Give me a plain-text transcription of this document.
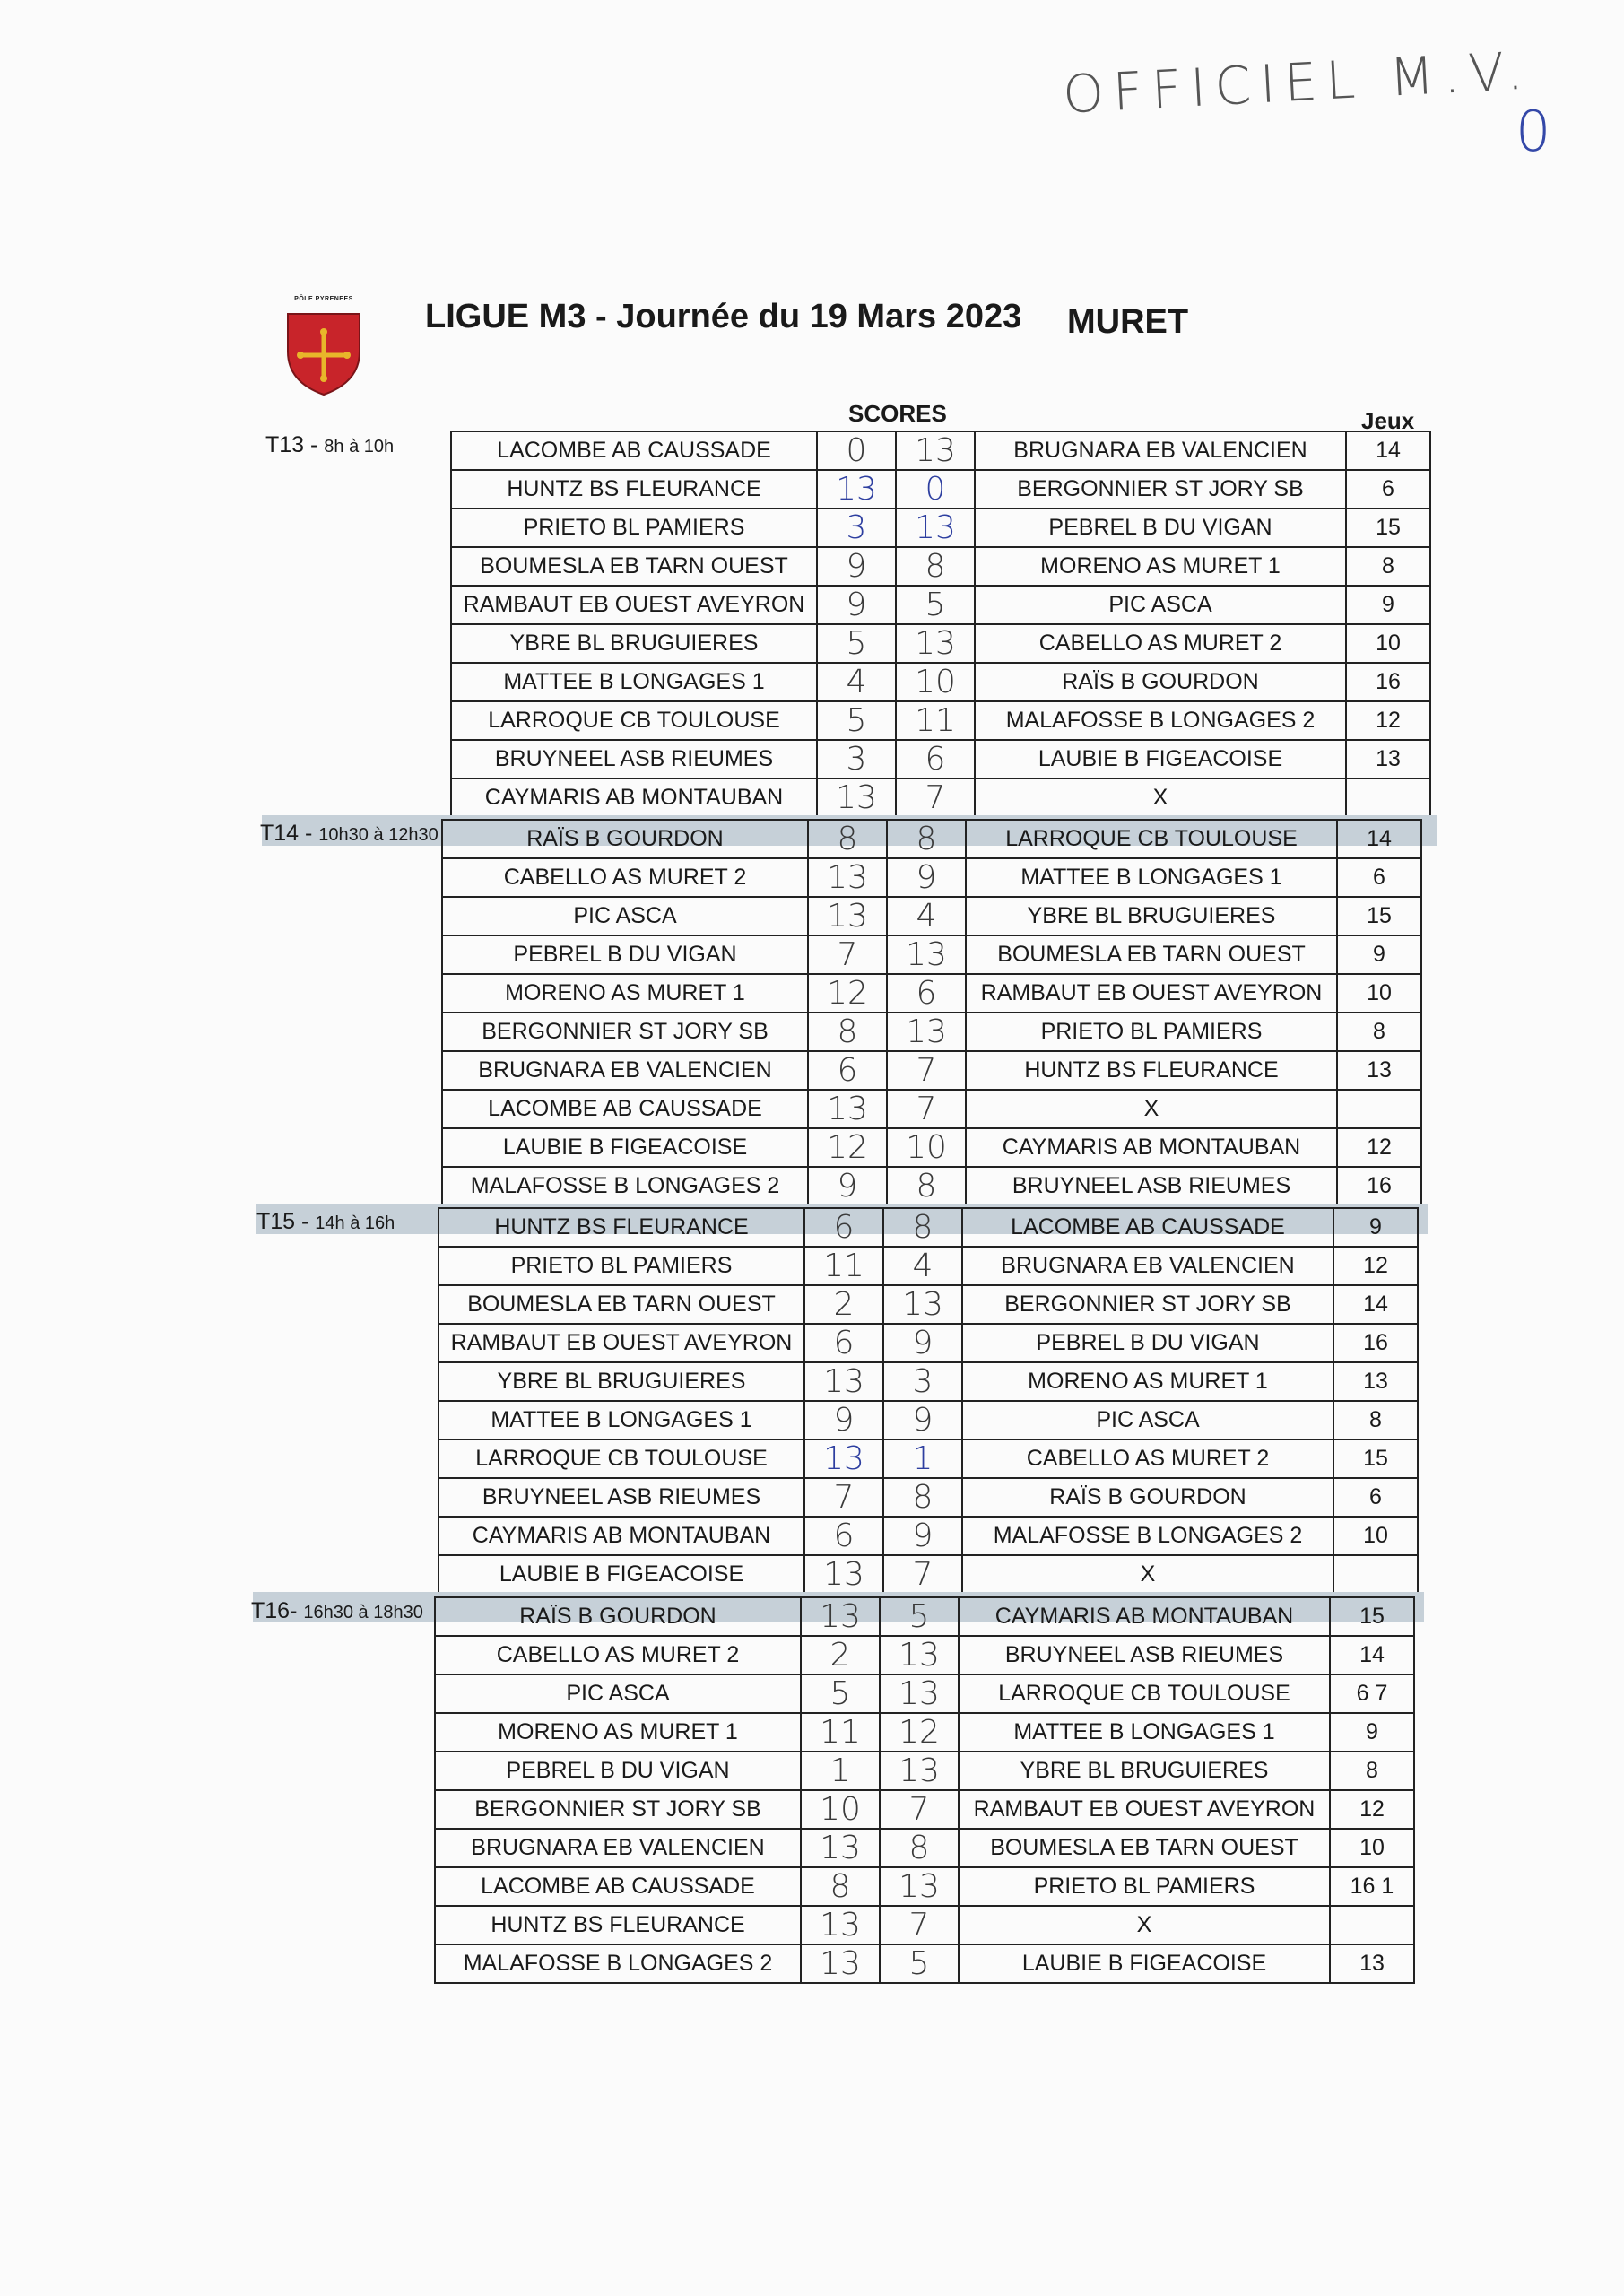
OFFICIEL M.V.
0
PÔLE PYRENEES	LIGUE M3 - Journée du 19 Mars 2023 MURET
SCORES	Jeux
T13 - 8h à 10h	LACOMBE AB CAUSSADE	0	13	BRUGNARA EB VALENCIEN	14
HUNTZ BS FLEURANCE	13	0	BERGONNIER ST JORY SB	6
PRIETO BL PAMIERS	3	13	PEBREL B DU VIGAN	15
BOUMESLA EB TARN OUEST	9	8	MORENO AS MURET 1	8
RAMBAUT EB OUEST AVEYRON	9	5	PIC ASCA	9
YBRE BL BRUGUIERES	5	13	CABELLO AS MURET 2	10
MATTEE B LONGAGES 1	4	10	RAÏS B GOURDON	16
LARROQUE CB TOULOUSE	5	11	MALAFOSSE B LONGAGES 2	12
BRUYNEEL ASB RIEUMES	3	6	LAUBIE B FIGEACOISE	13
CAYMARIS AB MONTAUBAN	13	7	X	
T14 - 10h30 à 12h30	RAÏS B GOURDON	8	8	LARROQUE CB TOULOUSE	14
CABELLO AS MURET 2	13	9	MATTEE B LONGAGES 1	6
PIC ASCA	13	4	YBRE BL BRUGUIERES	15
PEBREL B DU VIGAN	7	13	BOUMESLA EB TARN OUEST	9
MORENO AS MURET 1	12	6	RAMBAUT EB OUEST AVEYRON	10
BERGONNIER ST JORY SB	8	13	PRIETO BL PAMIERS	8
BRUGNARA EB VALENCIEN	6	7	HUNTZ BS FLEURANCE	13
LACOMBE AB CAUSSADE	13	7	X	
LAUBIE B FIGEACOISE	12	10	CAYMARIS AB MONTAUBAN	12
MALAFOSSE B LONGAGES 2	9	8	BRUYNEEL ASB RIEUMES	16
T15 - 14h à 16h	HUNTZ BS FLEURANCE	6	8	LACOMBE AB CAUSSADE	9
PRIETO BL PAMIERS	11	4	BRUGNARA EB VALENCIEN	12
BOUMESLA EB TARN OUEST	2	13	BERGONNIER ST JORY SB	14
RAMBAUT EB OUEST AVEYRON	6	9	PEBREL B DU VIGAN	16
YBRE BL BRUGUIERES	13	3	MORENO AS MURET 1	13
MATTEE B LONGAGES 1	9	9	PIC ASCA	8
LARROQUE CB TOULOUSE	13	1	CABELLO AS MURET 2	15
BRUYNEEL ASB RIEUMES	7	8	RAÏS B GOURDON	6
CAYMARIS AB MONTAUBAN	6	9	MALAFOSSE B LONGAGES 2	10
LAUBIE B FIGEACOISE	13	7	X	
T16- 16h30 à 18h30	RAÏS B GOURDON	13	5	CAYMARIS AB MONTAUBAN	15
CABELLO AS MURET 2	2	13	BRUYNEEL ASB RIEUMES	14
PIC ASCA	5	13	LARROQUE CB TOULOUSE	6 7
MORENO AS MURET 1	11	12	MATTEE B LONGAGES 1	9
PEBREL B DU VIGAN	1	13	YBRE BL BRUGUIERES	8
BERGONNIER ST JORY SB	10	7	RAMBAUT EB OUEST AVEYRON	12
BRUGNARA EB VALENCIEN	13	8	BOUMESLA EB TARN OUEST	10
LACOMBE AB CAUSSADE	8	13	PRIETO BL PAMIERS	16 1
HUNTZ BS FLEURANCE	13	7	X	
MALAFOSSE B LONGAGES 2	13	5	LAUBIE B FIGEACOISE	13
